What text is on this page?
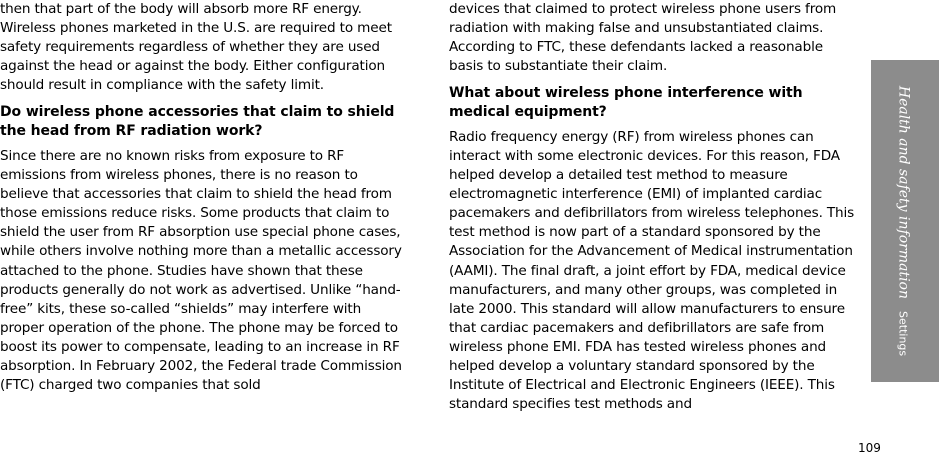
then that part of the body will absorb more RF energy. Wireless phones marketed in the U.S. are required to meet safety requirements regardless of whether they are used against the head or against the body. Either configuration should result in compliance with the safety limit.

Do wireless phone accessories that claim to shield the head from RF radiation work?

Since there are no known risks from exposure to RF emissions from wireless phones, there is no reason to believe that accessories that claim to shield the head from those emissions reduce risks. Some products that claim to shield the user from RF absorption use special phone cases, while others involve nothing more than a metallic accessory attached to the phone. Studies have shown that these products generally do not work as advertised. Unlike “hand-free” kits, these so-called “shields” may interfere with proper operation of the phone. The phone may be forced to boost its power to compensate, leading to an increase in RF absorption. In February 2002, the Federal trade Commission (FTC) charged two companies that sold

devices that claimed to protect wireless phone users from radiation with making false and unsubstantiated claims. According to FTC, these defendants lacked a reasonable basis to substantiate their claim.

What about wireless phone interference with medical equipment?

Radio frequency energy (RF) from wireless phones can interact with some electronic devices. For this reason, FDA helped develop a detailed test method to measure electromagnetic interference (EMI) of implanted cardiac pacemakers and defibrillators from wireless telephones. This test method is now part of a standard sponsored by the Association for the Advancement of Medical instrumentation (AAMI). The final draft, a joint effort by FDA, medical device manufacturers, and many other groups, was completed in late 2000. This standard will allow manufacturers to ensure that cardiac pacemakers and defibrillators are safe from wireless phone EMI. FDA has tested wireless phones and helped develop a voluntary standard sponsored by the Institute of Electrical and Electronic Engineers (IEEE). This standard specifies test methods and

Health and safety informationSettings
109
